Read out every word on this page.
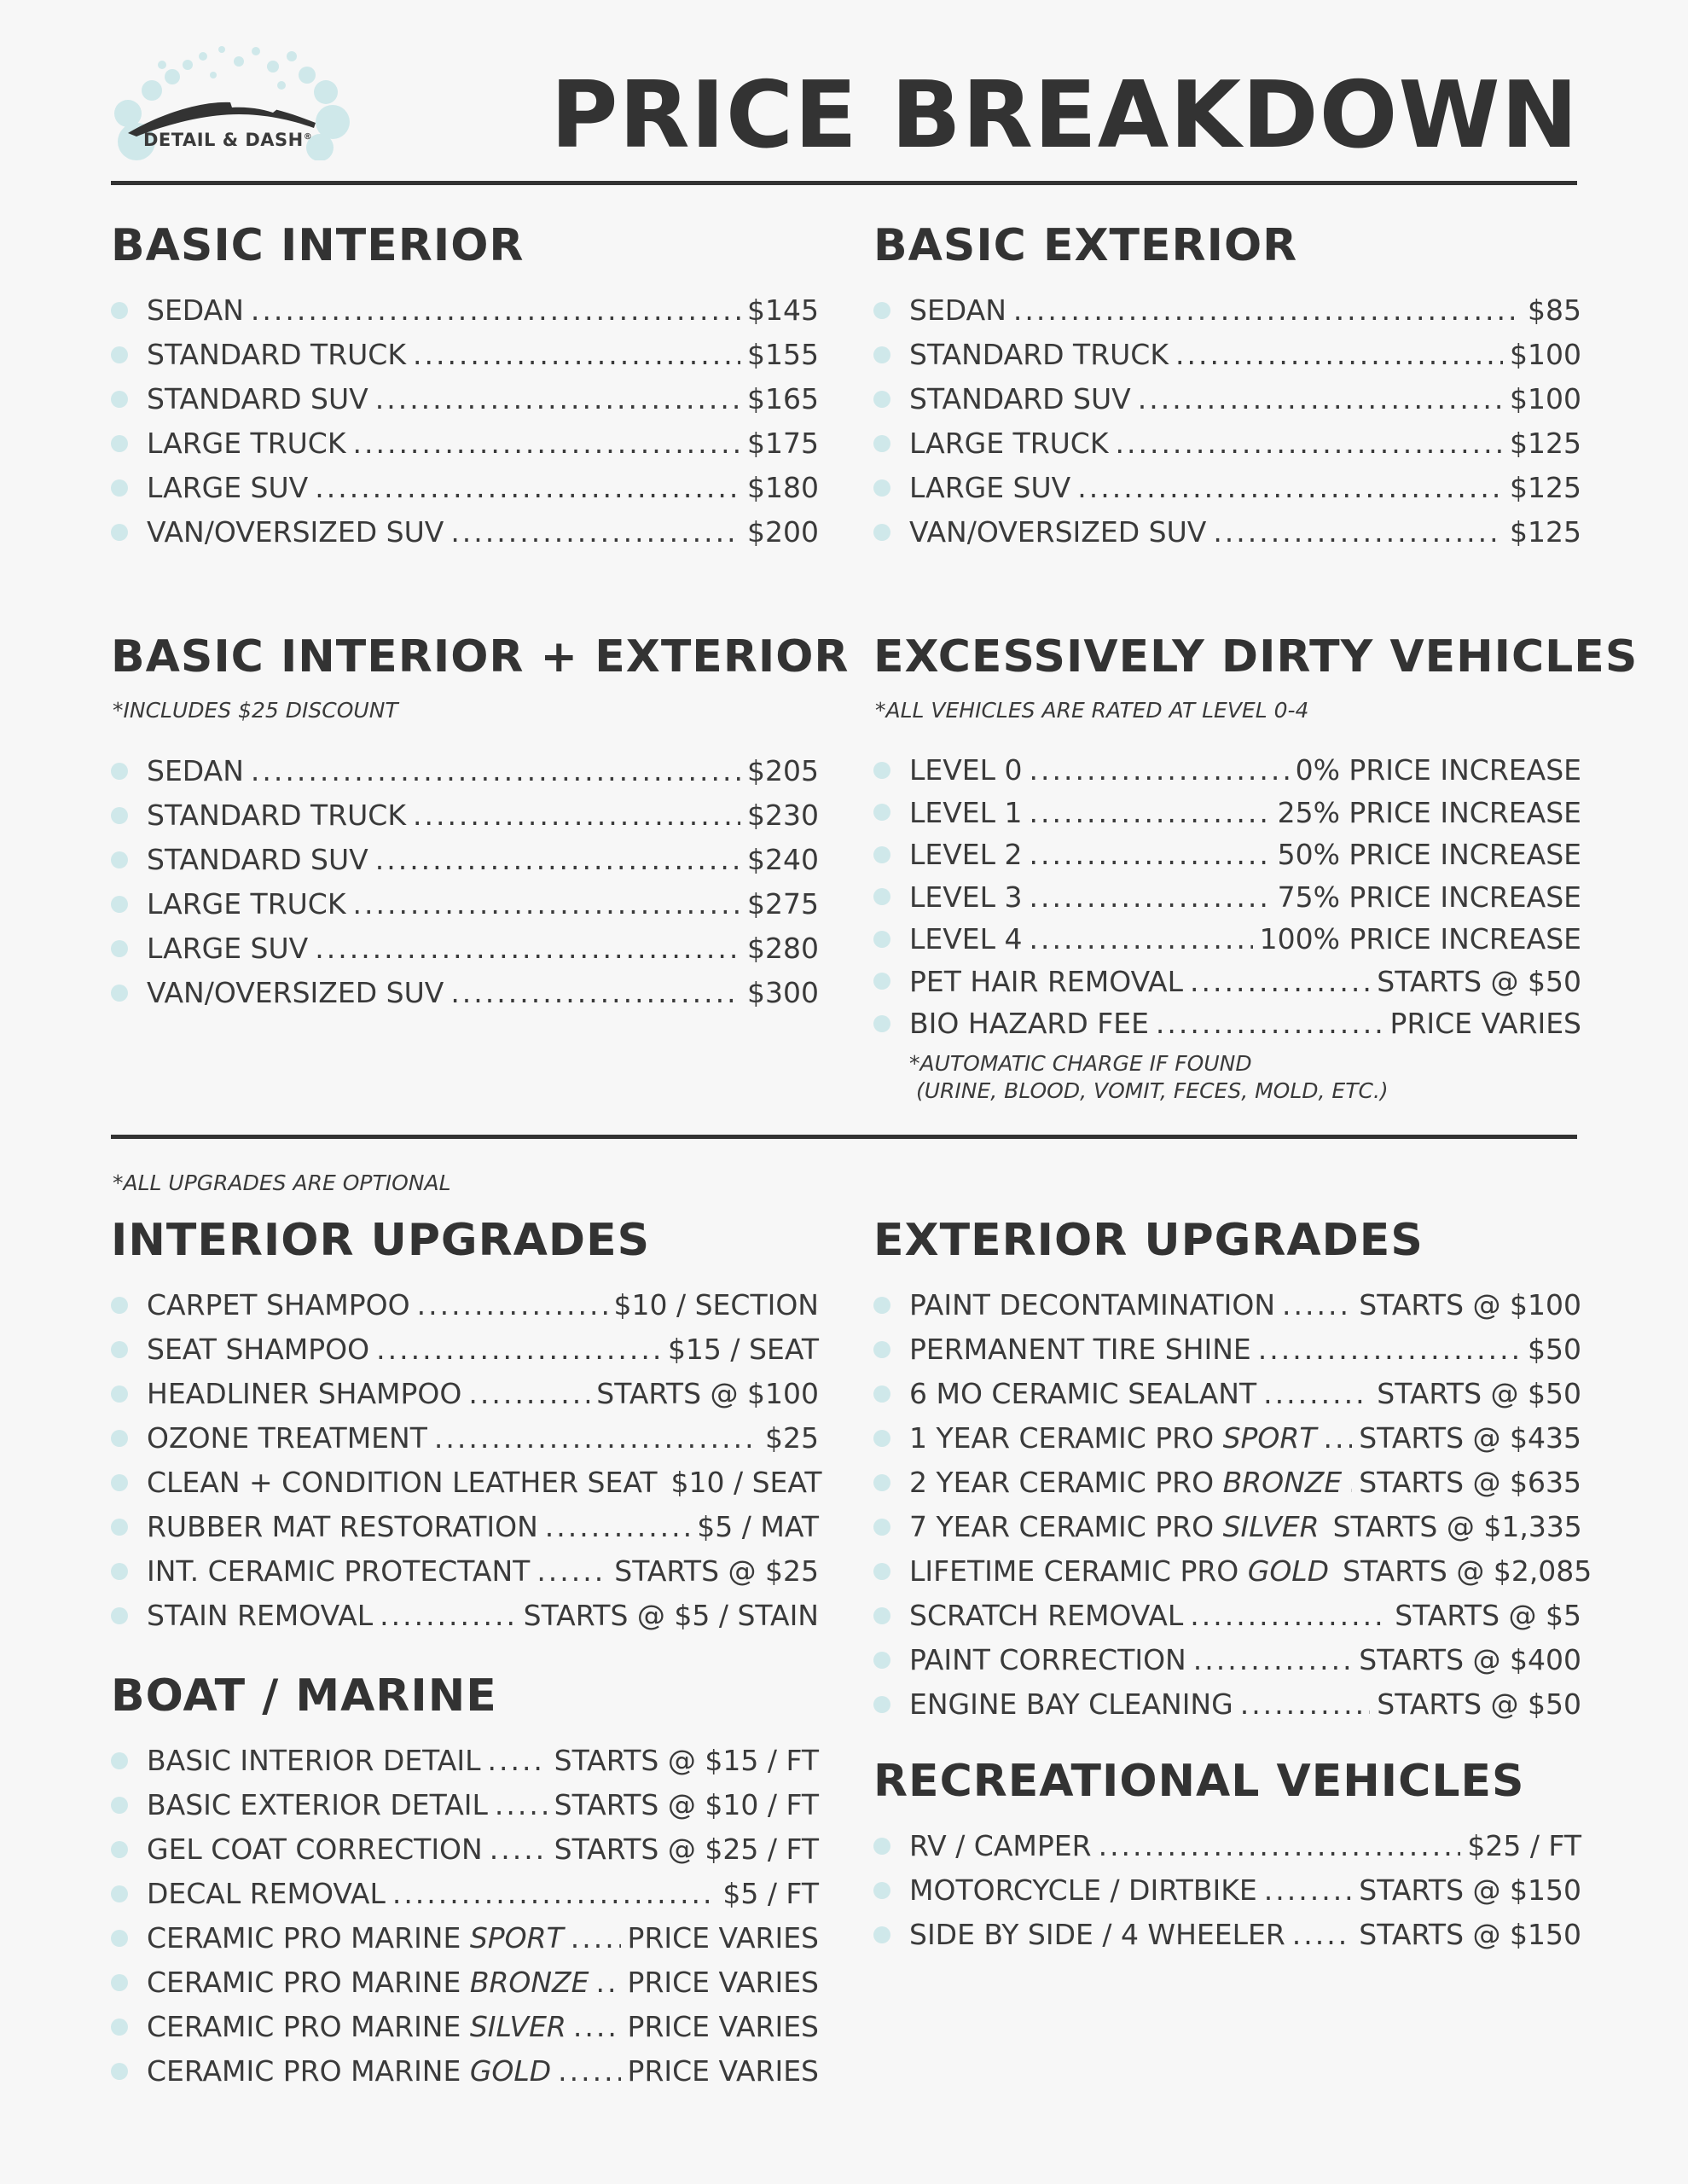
DETAIL & DASH®	PRICE BREAKDOWN
BASIC INTERIOR
SEDAN .....	$145
STANDARD TRUCK .....	$155
STANDARD SUV .....	$165
LARGE TRUCK .....	$175
LARGE SUV .....	$180
VAN/OVERSIZED SUV .....	$200
BASIC EXTERIOR
SEDAN .....	$85
STANDARD TRUCK .....	$100
STANDARD SUV .....	$100
LARGE TRUCK .....	$125
LARGE SUV .....	$125
VAN/OVERSIZED SUV .....	$125
BASIC INTERIOR + EXTERIOR
*INCLUDES $25 DISCOUNT
SEDAN .....	$205
STANDARD TRUCK .....	$230
STANDARD SUV .....	$240
LARGE TRUCK .....	$275
LARGE SUV .....	$280
VAN/OVERSIZED SUV .....	$300
EXCESSIVELY DIRTY VEHICLES
*ALL VEHICLES ARE RATED AT LEVEL 0-4
LEVEL 0 .....	0% PRICE INCREASE
LEVEL 1 .....	25% PRICE INCREASE
LEVEL 2 .....	50% PRICE INCREASE
LEVEL 3 .....	75% PRICE INCREASE
LEVEL 4 .....	100% PRICE INCREASE
PET HAIR REMOVAL .....	STARTS @ $50
BIO HAZARD FEE .....	PRICE VARIES
*AUTOMATIC CHARGE IF FOUND
(URINE, BLOOD, VOMIT, FECES, MOLD, ETC.)
*ALL UPGRADES ARE OPTIONAL
INTERIOR UPGRADES
CARPET SHAMPOO .....	$10 / SECTION
SEAT SHAMPOO .....	$15 / SEAT
HEADLINER SHAMPOO .....	STARTS @ $100
OZONE TREATMENT .....	$25
CLEAN + CONDITION LEATHER SEAT $10 / SEAT
RUBBER MAT RESTORATION .....	$5 / MAT
INT. CERAMIC PROTECTANT .....	STARTS @ $25
STAIN REMOVAL .....	STARTS @ $5 / STAIN
EXTERIOR UPGRADES
PAINT DECONTAMINATION .....	STARTS @ $100
PERMANENT TIRE SHINE .....	$50
6 MO CERAMIC SEALANT .....	STARTS @ $50
1 YEAR CERAMIC PRO SPORT ..... STARTS @ $435
2 YEAR CERAMIC PRO BRONZE ..... STARTS @ $635
7 YEAR CERAMIC PRO SILVER STARTS @ $1,335
LIFETIME CERAMIC PRO GOLD STARTS @ $2,085
SCRATCH REMOVAL .....	STARTS @ $5
PAINT CORRECTION .....	STARTS @ $400
ENGINE BAY CLEANING .....	STARTS @ $50
BOAT / MARINE
BASIC INTERIOR DETAIL .....	STARTS @ $15 / FT
BASIC EXTERIOR DETAIL ..... STARTS @ $10 / FT
GEL COAT CORRECTION .....	STARTS @ $25 / FT
DECAL REMOVAL .....	$5 / FT
CERAMIC PRO MARINE SPORT ..... PRICE VARIES
CERAMIC PRO MARINE BRONZE ..... PRICE VARIES
CERAMIC PRO MARINE SILVER ..... PRICE VARIES
CERAMIC PRO MARINE GOLD .....	PRICE VARIES
RECREATIONAL VEHICLES
RV / CAMPER .....	$25 / FT
MOTORCYCLE / DIRTBIKE .....	STARTS @ $150
SIDE BY SIDE / 4 WHEELER .....	STARTS @ $150
